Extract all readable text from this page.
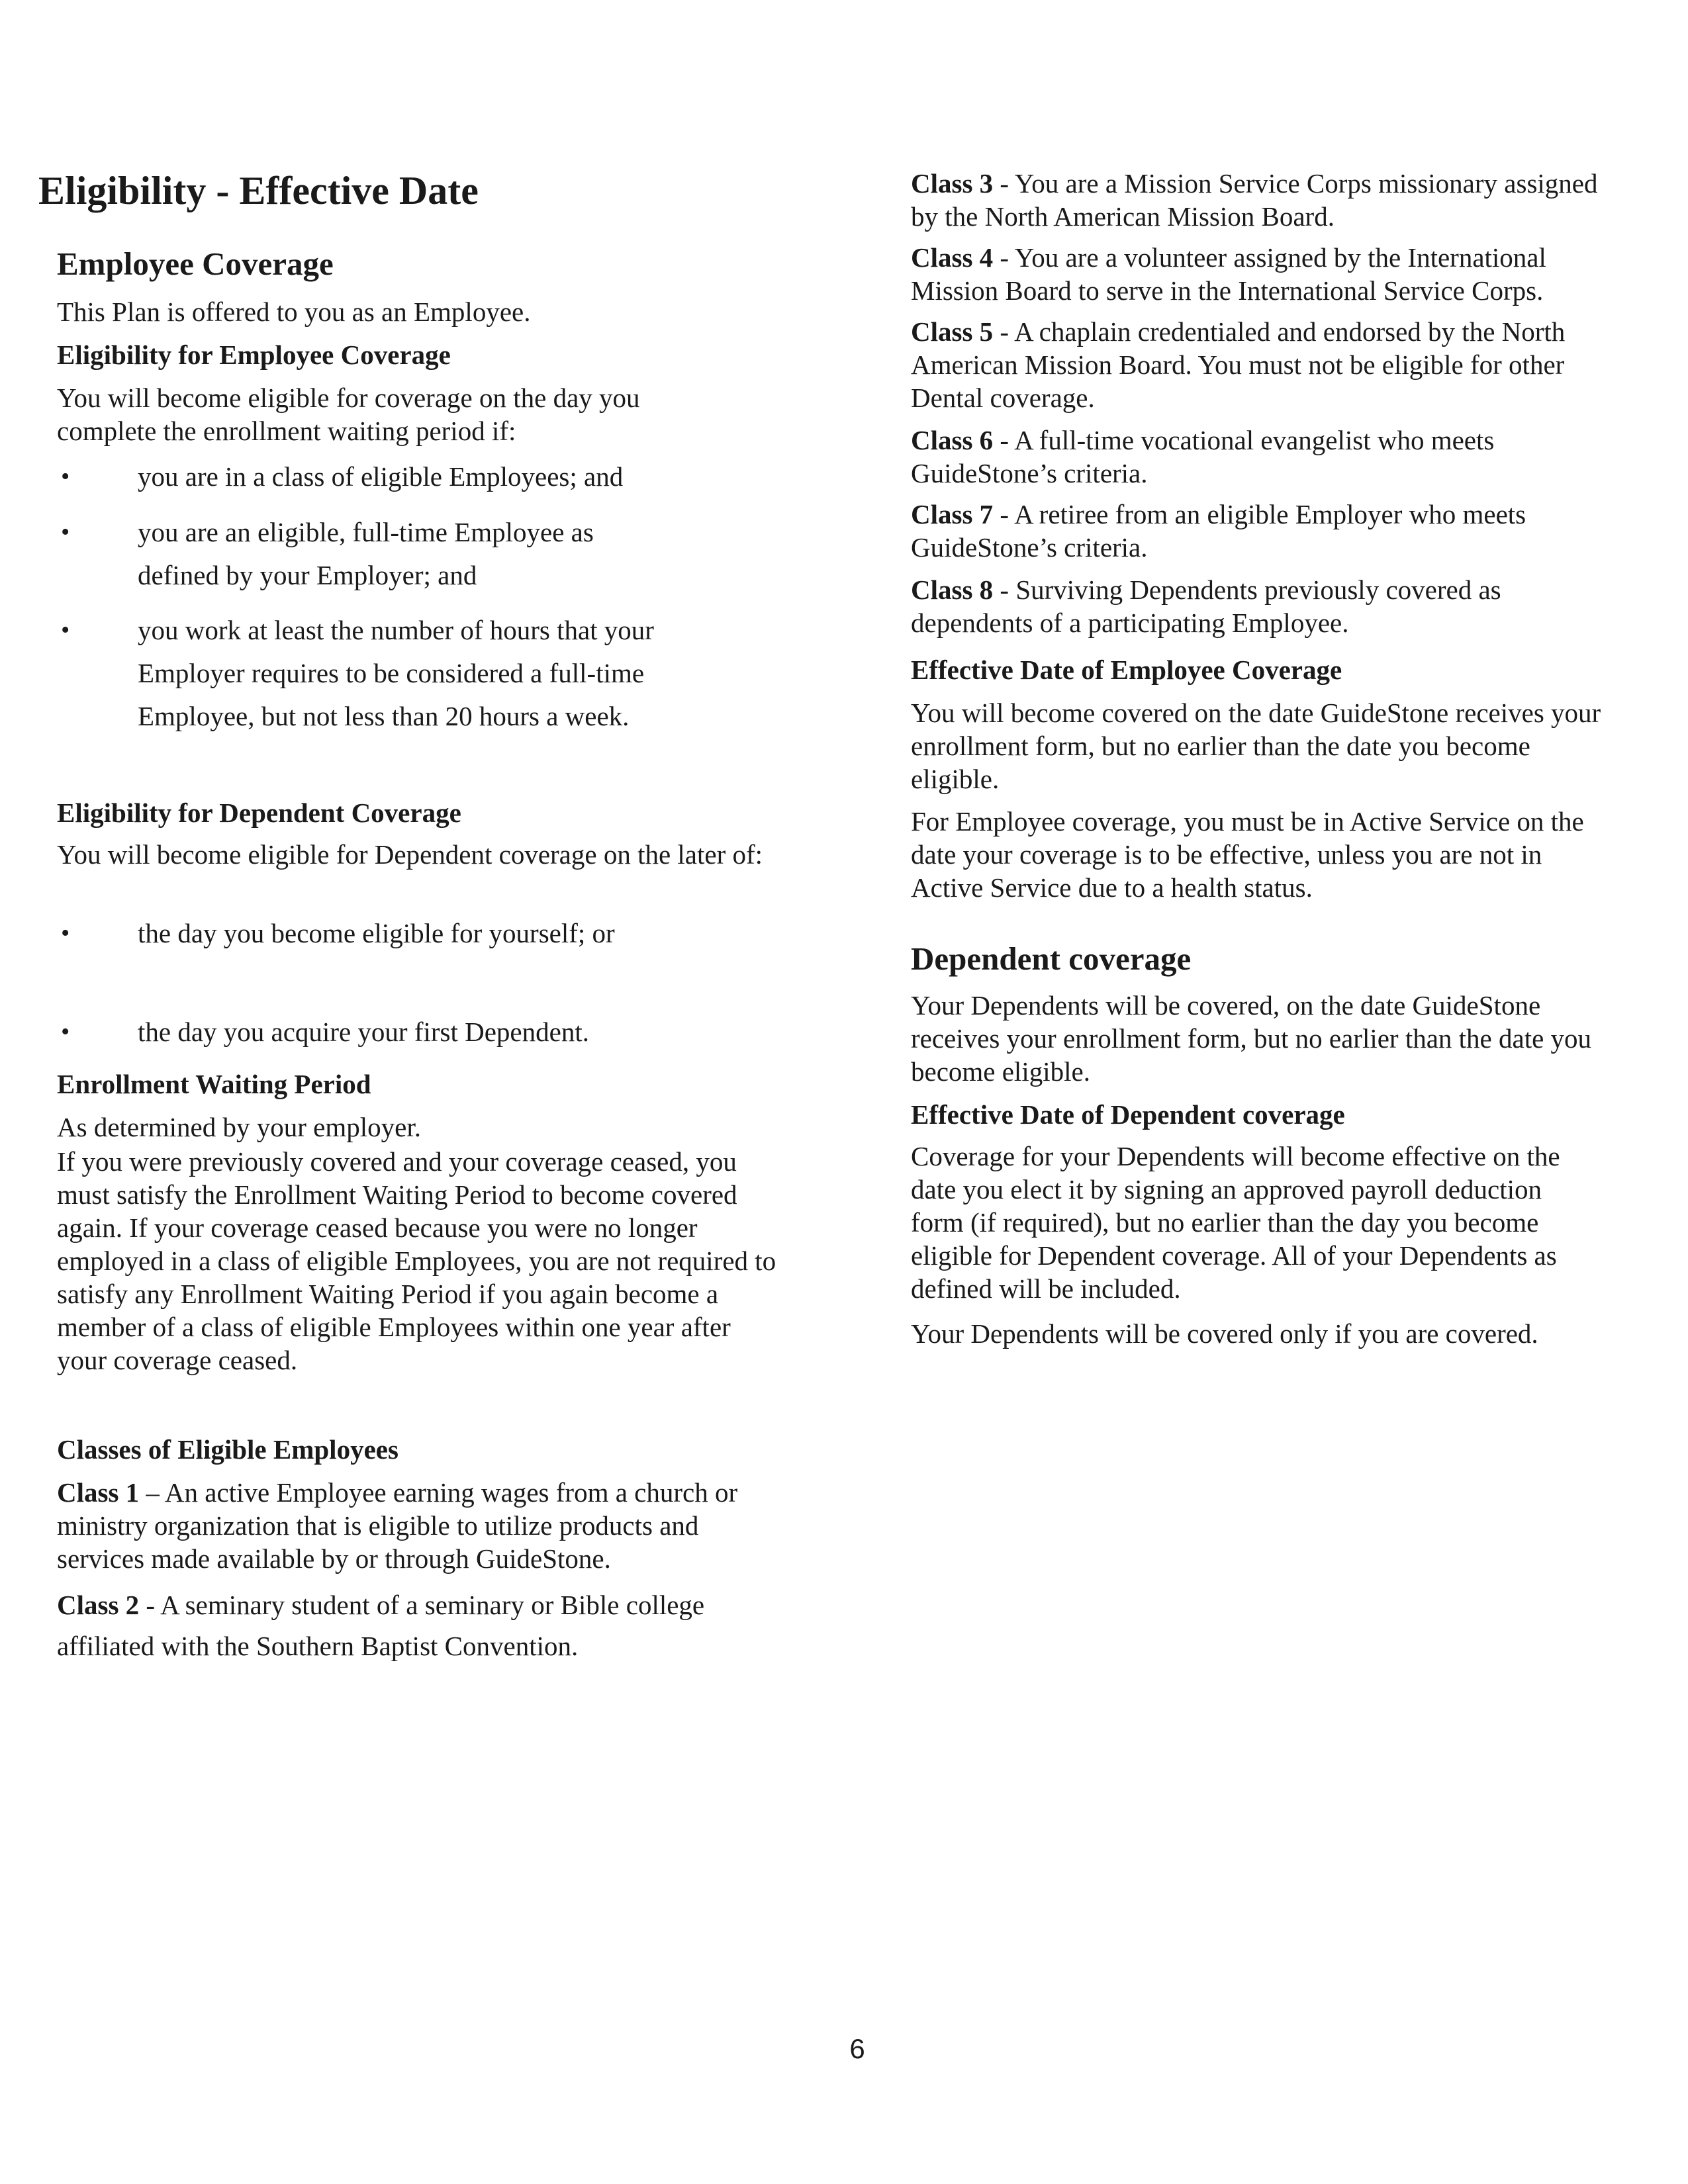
Eligibility - Effective Date
Employee Coverage
This Plan is offered to you as an Employee.
Eligibility for Employee Coverage
You will become eligible for coverage on the day you complete the enrollment waiting period if:
•	you are in a class of eligible Employees; and
•	you are an eligible, full-time Employee as defined by your Employer; and
•	you work at least the number of hours that your Employer requires to be considered a full-time Employee, but not less than 20 hours a week.
Eligibility for Dependent Coverage
You will become eligible for Dependent coverage on the later of:
•	the day you become eligible for yourself; or
•	the day you acquire your first Dependent.
Enrollment Waiting Period
As determined by your employer.
If you were previously covered and your coverage ceased, you must satisfy the Enrollment Waiting Period to become covered again. If your coverage ceased because you were no longer employed in a class of eligible Employees, you are not required to satisfy any Enrollment Waiting Period if you again become a member of a class of eligible Employees within one year after your coverage ceased.
Classes of Eligible Employees
Class 1 – An active Employee earning wages from a church or ministry organization that is eligible to utilize products and services made available by or through GuideStone.
Class 2 - A seminary student of a seminary or Bible college affiliated with the Southern Baptist Convention.
Class 3 - You are a Mission Service Corps missionary assigned by the North American Mission Board.
Class 4 - You are a volunteer assigned by the International Mission Board to serve in the International Service Corps.
Class 5 - A chaplain credentialed and endorsed by the North American Mission Board. You must not be eligible for other Dental coverage.
Class 6 - A full-time vocational evangelist who meets GuideStone’s criteria.
Class 7 - A retiree from an eligible Employer who meets GuideStone’s criteria.
Class 8 - Surviving Dependents previously covered as dependents of a participating Employee.
Effective Date of Employee Coverage
You will become covered on the date GuideStone receives your enrollment form, but no earlier than the date you become eligible.
For Employee coverage, you must be in Active Service on the date your coverage is to be effective, unless you are not in Active Service due to a health status.
Dependent coverage
Your Dependents will be covered, on the date GuideStone receives your enrollment form, but no earlier than the date you become eligible.
Effective Date of Dependent coverage
Coverage for your Dependents will become effective on the date you elect it by signing an approved payroll deduction form (if required), but no earlier than the day you become eligible for Dependent coverage. All of your Dependents as defined will be included.
Your Dependents will be covered only if you are covered.
6
